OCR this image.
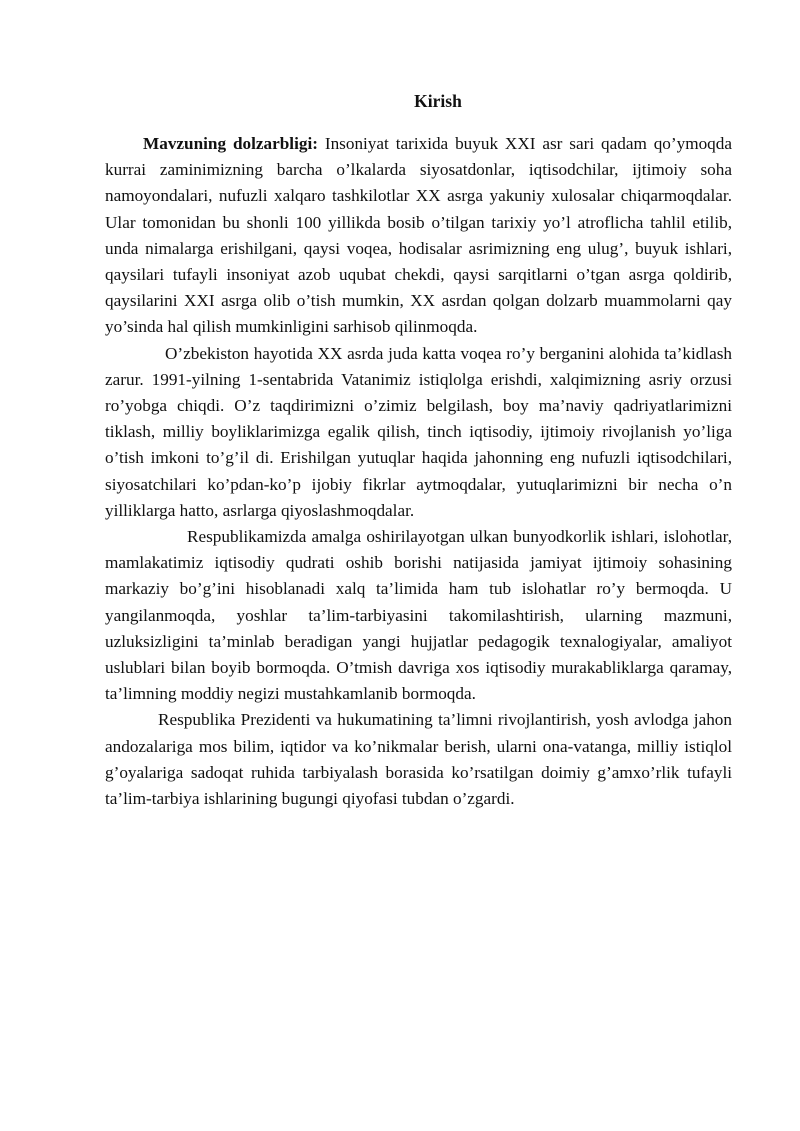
Kirish

Mavzuning dolzarbligi: Insoniyat tarixida buyuk XXI asr sari qadam qo’ymoqda kurrai zaminimizning barcha o’lkalarda siyosatdonlar, iqtisodchilar, ijtimoiy soha namoyondalari, nufuzli xalqaro tashkilotlar XX asrga yakuniy xulosalar chiqarmoqdalar. Ular tomonidan bu shonli 100 yillikda bosib o’tilgan tarixiy yo’l atroflicha tahlil etilib, unda nimalarga erishilgani, qaysi voqea, hodisalar asrimizning eng ulug’, buyuk ishlari, qaysilari tufayli insoniyat azob uqubat chekdi, qaysi sarqitlarni o’tgan asrga qoldirib, qaysilarini XXI asrga olib o’tish mumkin, XX asrdan qolgan dolzarb muammolarni qay yo’sinda hal qilish mumkinligini sarhisob qilinmoqda.

O’zbekiston hayotida XX asrda juda katta voqea ro’y berganini alohida ta’kidlash zarur. 1991-yilning 1-sentabrida Vatanimiz istiqlolga erishdi, xalqimizning asriy orzusi ro’yobga chiqdi. O’z taqdirimizni o’zimiz belgilash, boy ma’naviy qadriyatlarimizni tiklash, milliy boyliklarimizga egalik qilish, tinch iqtisodiy, ijtimoiy rivojlanish yo’liga o’tish imkoni to’g’il di. Erishilgan yutuqlar haqida jahonning eng nufuzli iqtisodchilari, siyosatchilari ko’pdan-ko’p ijobiy fikrlar aytmoqdalar, yutuqlarimizni bir necha o’n yilliklarga hatto, asrlarga qiyoslashmoqdalar.

Respublikamizda amalga oshirilayotgan ulkan bunyodkorlik ishlari, islohotlar, mamlakatimiz iqtisodiy qudrati oshib borishi natijasida jamiyat ijtimoiy sohasining markaziy bo’g’ini hisoblanadi xalq ta’limida ham tub islohatlar ro’y bermoqda. U yangilanmoqda, yoshlar ta’lim-tarbiyasini takomilashtirish, ularning mazmuni, uzluksizligini ta’minlab beradigan yangi hujjatlar pedagogik texnalogiyalar, amaliyot uslublari bilan boyib bormoqda. O’tmish davriga xos iqtisodiy murakabliklarga qaramay, ta’limning moddiy negizi mustahkamlanib bormoqda.

Respublika Prezidenti va hukumatining ta’limni rivojlantirish, yosh avlodga jahon andozalariga mos bilim, iqtidor va ko’nikmalar berish, ularni ona-vatanga, milliy istiqlol g’oyalariga sadoqat ruhida tarbiyalash borasida ko’rsatilgan doimiy g’amxo’rlik tufayli ta’lim-tarbiya ishlarining bugungi qiyofasi tubdan o’zgardi.
